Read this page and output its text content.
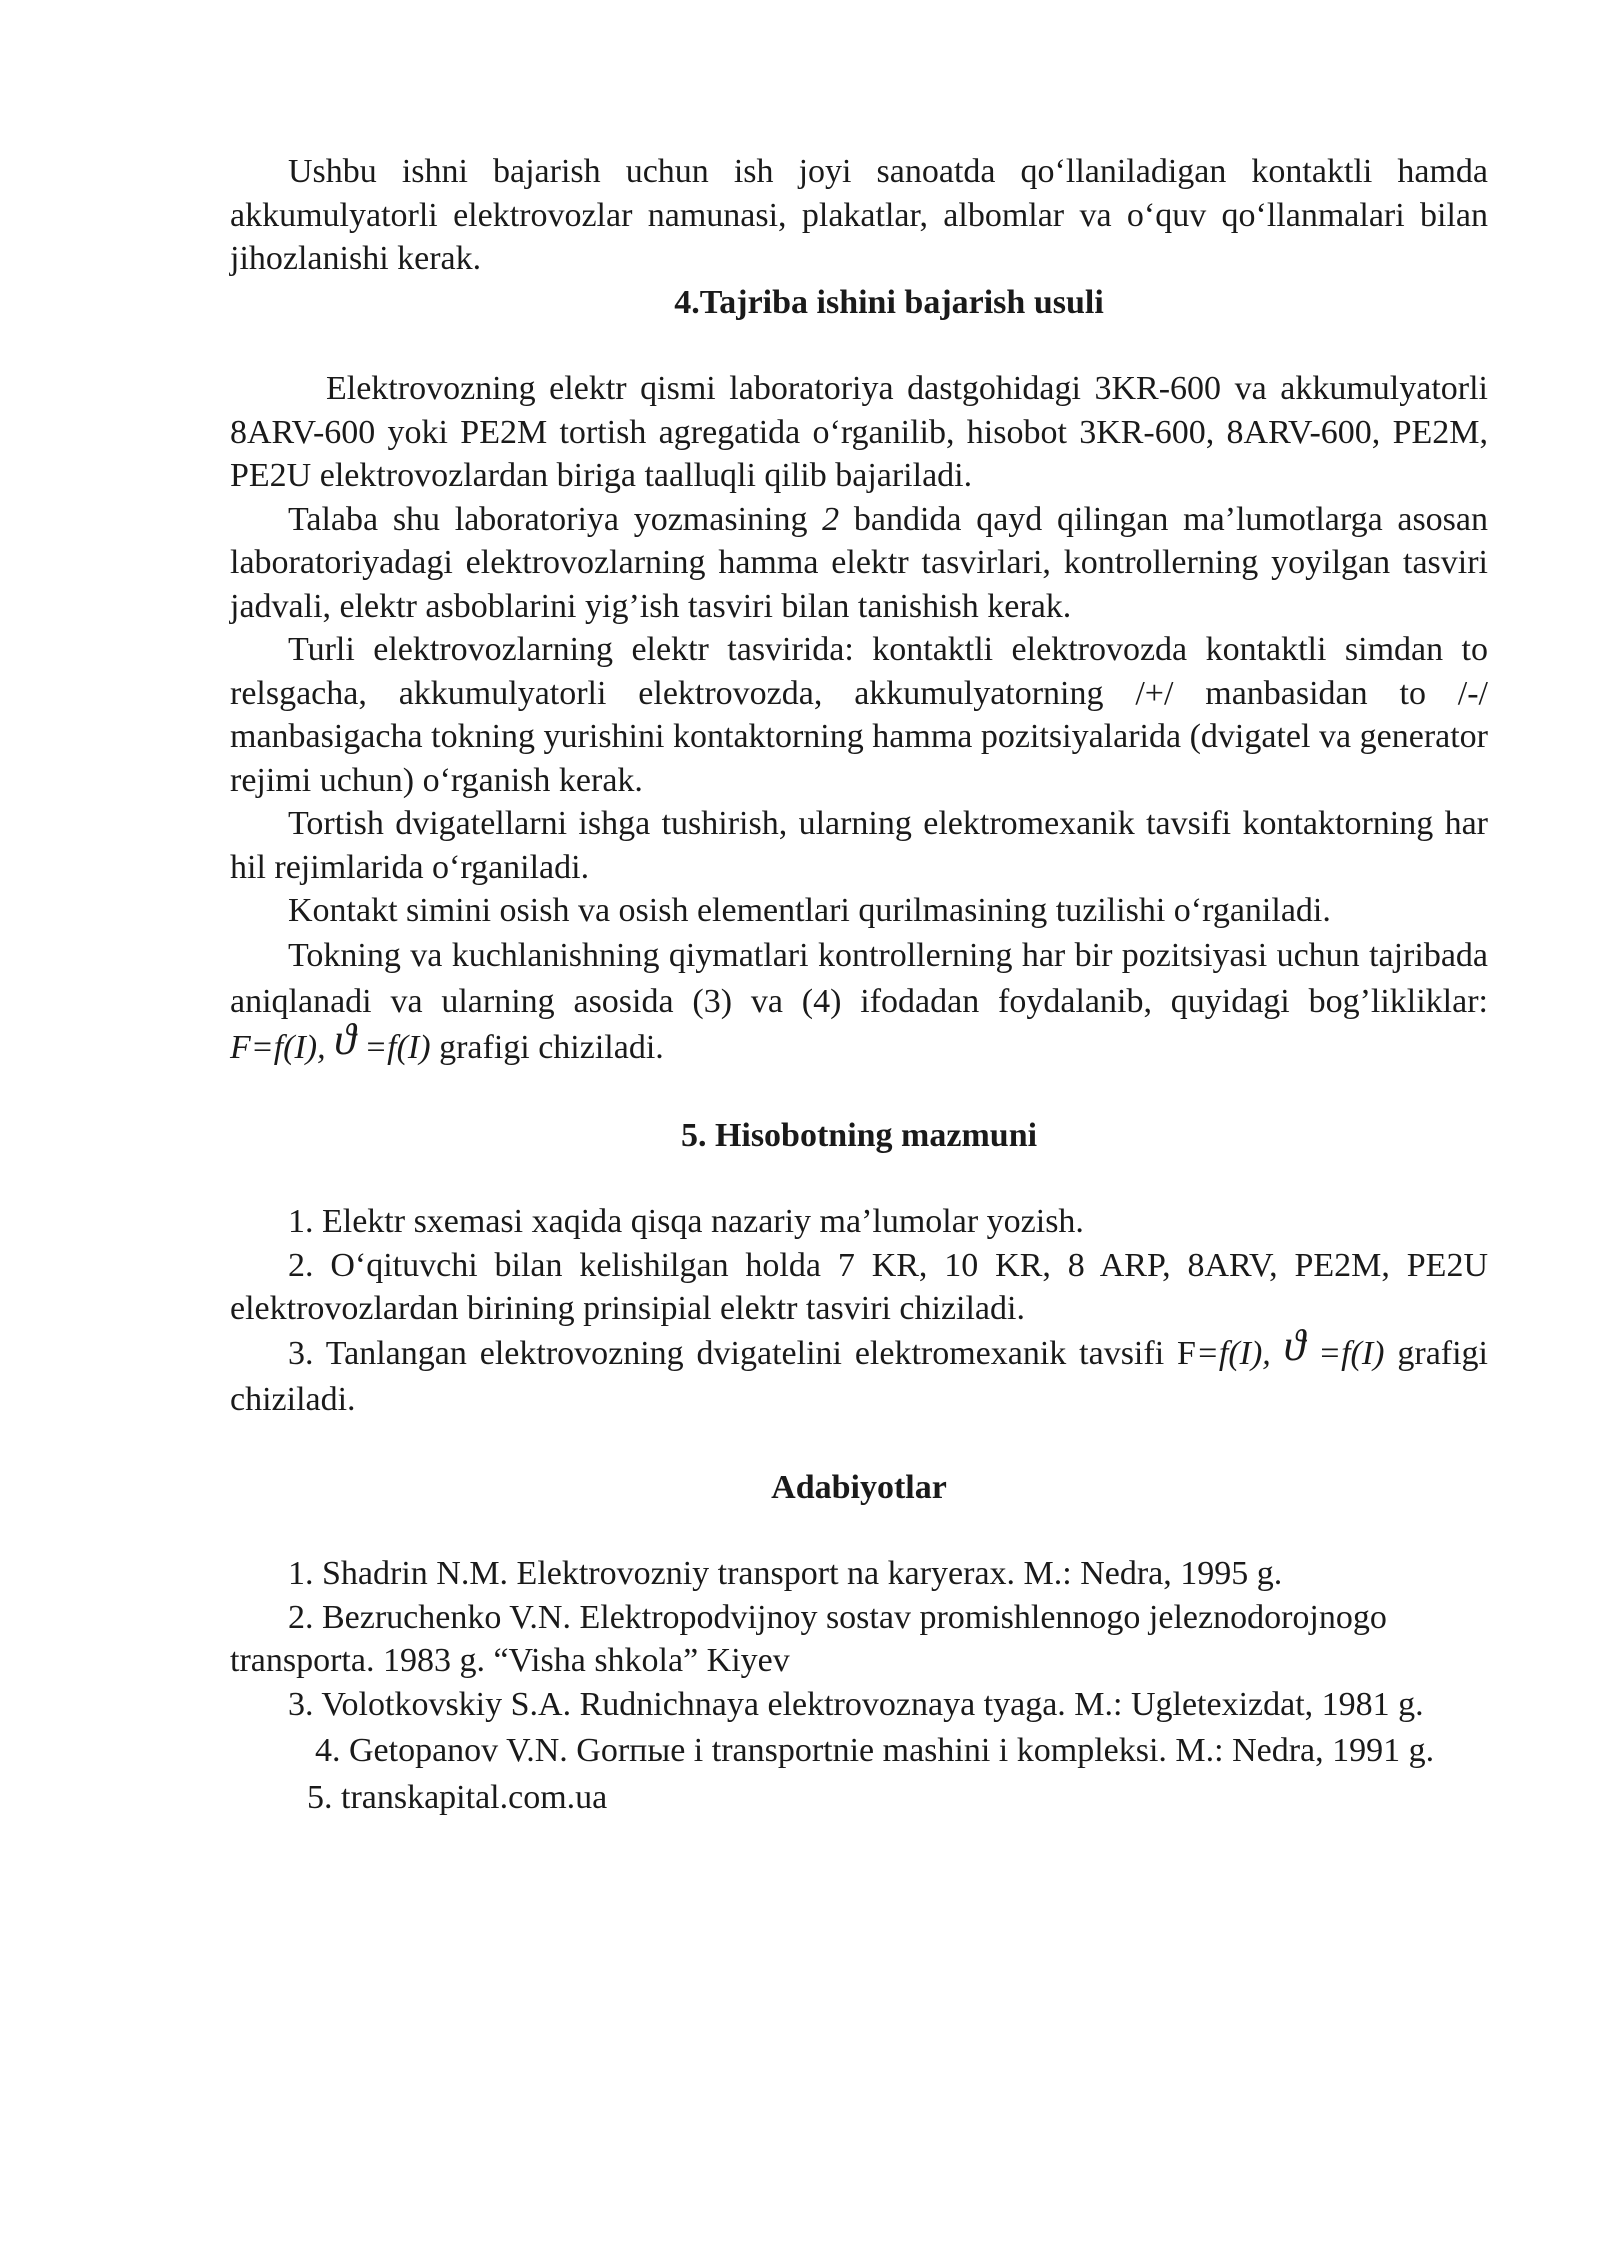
Ushbu ishni bajarish uchun ish joyi sanoatda qo‘llaniladigan kontaktli hamda akkumulyatorli elektrovozlar namunasi, plakatlar, albomlar va o‘quv qo‘llanmalari bilan jihozlanishi kerak.

4.Tajriba ishini bajarish usuli

Elektrovozning elektr qismi laboratoriya dastgohidagi 3KR-600 va akkumulyatorli 8ARV-600 yoki PE2M tortish agregatida o‘rganilib, hisobot 3KR-600, 8ARV-600, PE2M, PE2U elektrovozlardan biriga taalluqli qilib bajariladi.

Talaba shu laboratoriya yozmasining 2 bandida qayd qilingan ma’lumotlarga asosan laboratoriyadagi elektrovozlarning hamma elektr tasvirlari, kontrollerning yoyilgan tasviri jadvali, elektr asboblarini yig’ish tasviri bilan tanishish kerak.

Turli elektrovozlarning elektr tasvirida: kontaktli elektrovozda kontaktli simdan to relsgacha, akkumulyatorli elektrovozda, akkumulyatorning /+/ manbasidan to /-/ manbasigacha tokning yurishini kontaktorning hamma pozitsiyalarida (dvigatel va generator rejimi uchun) o‘rganish kerak.

Tortish dvigatellarni ishga tushirish, ularning elektromexanik tavsifi kontaktorning har hil rejimlarida o‘rganiladi.

Kontakt simini osish va osish elementlari qurilmasining tuzilishi o‘rganiladi.

Tokning va kuchlanishning qiymatlari kontrollerning har bir pozitsiyasi uchun tajribada aniqlanadi va ularning asosida (3) va (4) ifodadan foydalanib, quyidagi bog’likliklar: F=f(I), ϑ =f(I) grafigi chiziladi.

5. Hisobotning mazmuni

1. Elektr sxemasi xaqida qisqa nazariy ma’lumolar yozish.

2. O‘qituvchi bilan kelishilgan holda 7 KR, 10 KR, 8 ARP, 8ARV, PE2M, PE2U elektrovozlardan birining prinsipial elektr tasviri chiziladi.

3. Tanlangan elektrovozning dvigatelini elektromexanik tavsifi F=f(I), ϑ =f(I) grafigi chiziladi.

Adabiyotlar

1. Shadrin N.M. Elektrovozniy transport na karyerax. M.: Nedra, 1995 g.

2. Bezruchenko V.N. Elektropodvijnoy sostav promishlennogo jeleznodorojnogo transporta. 1983 g. “Visha shkola” Kiyev

3. Volotkovskiy S.A. Rudnichnaya elektrovoznaya tyaga. M.: Ugletexizdat, 1981 g.

4. Getopanov V.N. Gorпые i transportnie mashini i kompleksi. M.: Nedra, 1991 g.

5. transkapital.com.ua
